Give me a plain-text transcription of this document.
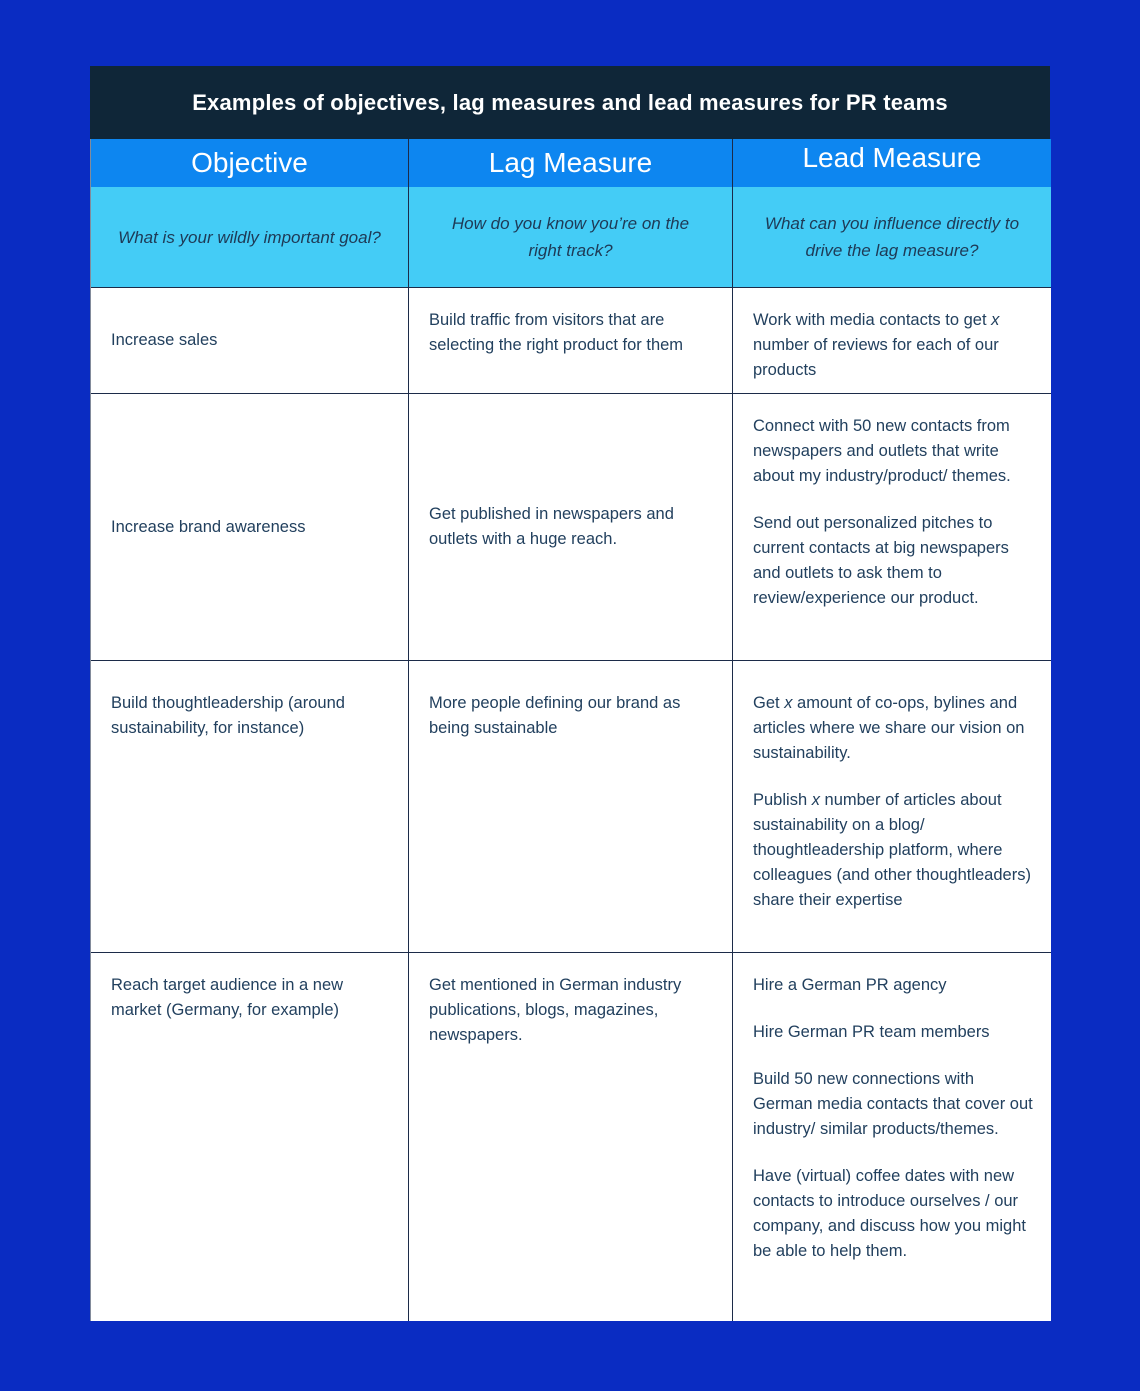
Examples of objectives, lag measures and lead measures for PR teams
Objective	Lag Measure	Lead Measure
What is your wildly important goal?
How do you know you’re on the right track?
What can you influence directly to drive the lag measure?

Increase sales

Build traffic from visitors that are selecting the right product for them

Work with media contacts to get x number of reviews for each of our products

Increase brand awareness

Get published in newspapers and outlets with a huge reach.

Connect with 50 new contacts from newspapers and outlets that write about my industry/product/ themes.

Send out personalized pitches to current contacts at big newspapers and outlets to ask them to review/experience our product.

Build thoughtleadership (around sustainability, for instance)

More people defining our brand as being sustainable

Get x amount of co-ops, bylines and articles where we share our vision on sustainability.

Publish x number of articles about sustainability on a blog/ thoughtleadership platform, where colleagues (and other thoughtleaders) share their expertise

Reach target audience in a new market (Germany, for example)

Get mentioned in German industry publications, blogs, magazines, newspapers.

Hire a German PR agency

Hire German PR team members

Build 50 new connections with German media contacts that cover out industry/ similar products/themes.

Have (virtual) coffee dates with new contacts to introduce ourselves / our company, and discuss how you might be able to help them.
